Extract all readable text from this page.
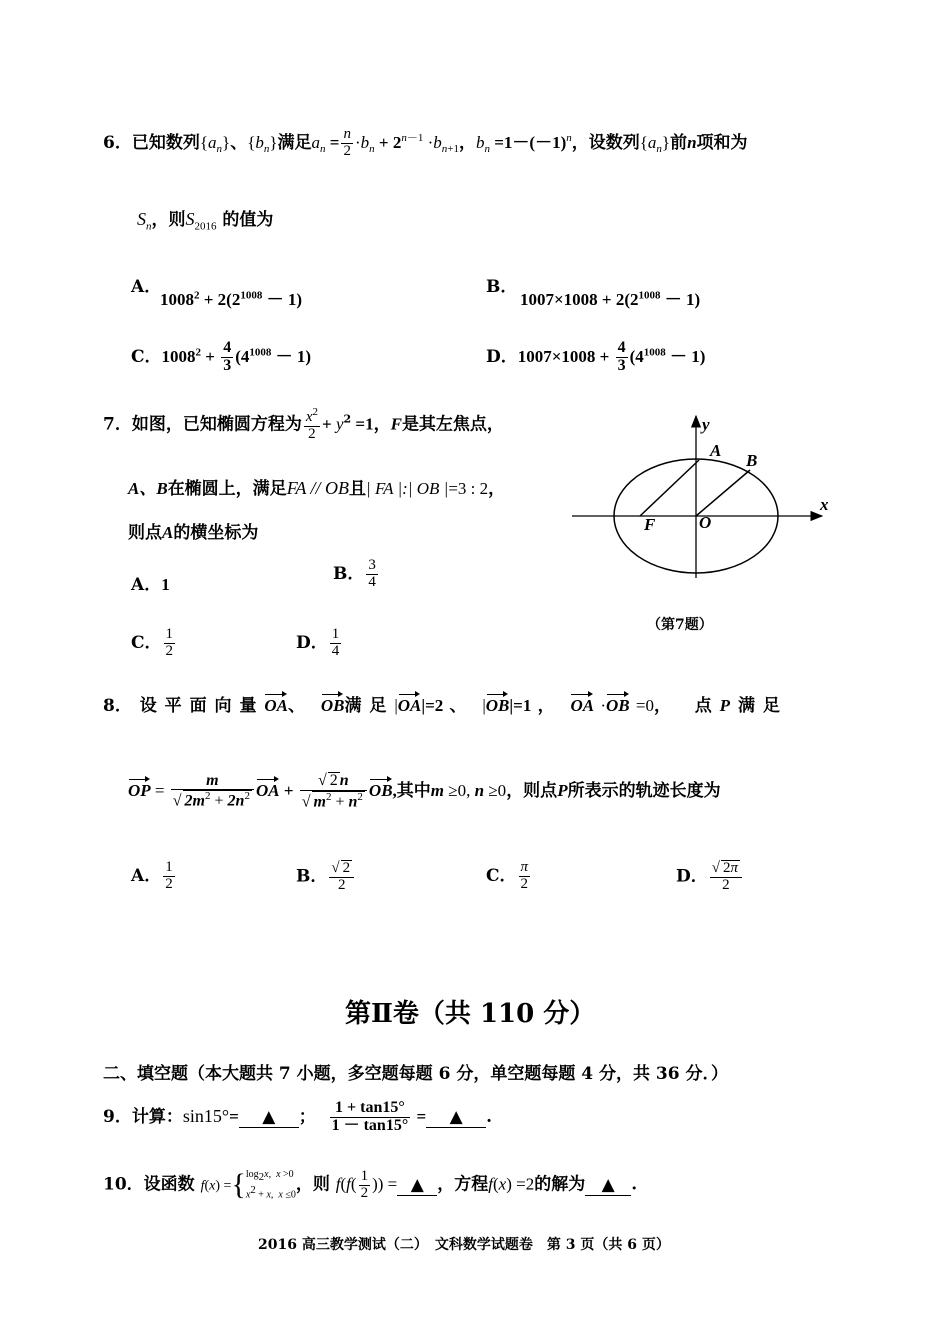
6．已知数列$\{a_n\}$、$\{b_n\}$满足$a_n = \frac{n}{2} \cdot b_n + 2^{n-1} \cdot b_{n+1}$，$b_n =1-(-1)^n$，设数列$\{a_n\}$前n项和为
$S_n$，则$S_{2016}$ 的值为
A．
$1008^2 + 2(2^{1008} - 1)$
B．
$1007\times 1008 + 2(2^{1008} - 1)$
C．$1008^2 + \frac{4}{3} (4^{1008} - 1)$	D．$1007\times 1008 + \frac{4}{3} (4^{1008} - 1)$
7．如图，已知椭圆方程为 $\frac{x^2}{2} + y^2 =1$，F是其左焦点，
A、B在椭圆上，满足FA // OB且| FA |:| OB |=3 : 2，
则点A的横坐标为
A．1
B． $\frac{3}{4}$
C． $\frac{1}{2}$	D． $\frac{1}{4}$
y
x
A
B
F	O
（第7题）
8． 设 平 面 向 量 OA、 OB满 足 |OA|=2 、 |OB|=1 ， OA ·OB =0，   点 P 满 足
OP = $\frac{m}{√ 2m^2 + 2n^2}$ OA + $\frac{√ 2 n}{√ m^2 + n^2}$ OB,其中m ≥0, n ≥0，则点P所表示的轨迹长度为
A． $\frac{1}{2}$	B． $\frac{√ 2}{2}$	C． $\frac{\pi}{2}$	D． $\frac{√ 2\pi}{2}$
第Ⅱ卷（共 110 分）
二、填空题（本大题共 7 小题，多空题每题 6 分，单空题每题 4 分，共 36 分．）
9．计算：sin15°= ▲ ； $\frac{1 + \tan 15^\circ}{1 - \tan 15^\circ}$ = ▲ .
10．设函数 f(x) ={ $\log_2x$,  x >0
$x^2 + x$,  x ≤0
，则 $f(f( \frac{1}{2}$ )) = ▲ ，方程f(x) =2的解为 ▲ .
2016 高三教学测试（二）　文科数学试题卷　第 3 页（共 6 页）
